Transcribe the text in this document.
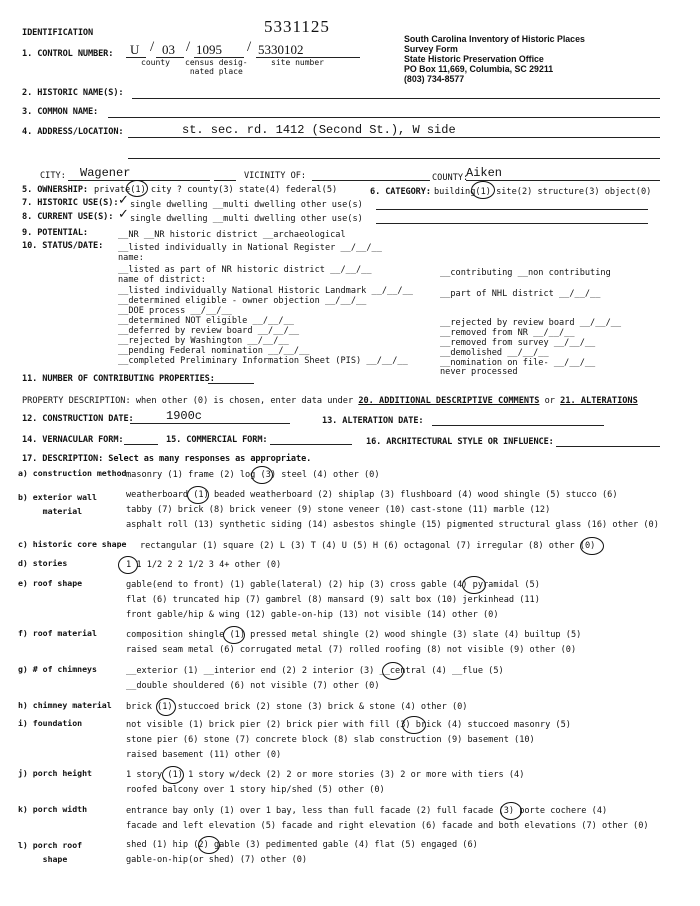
IDENTIFICATION	5331125
South Carolina Inventory of Historic Places
Survey Form
State Historic Preservation Office
PO Box 11,669, Columbia, SC 29211
(803) 734-8577
1. CONTROL NUMBER: U / 03 / 1095 / 5330102
county census desig-
nated place
site number
2. HISTORIC NAME(S):
3. COMMON NAME:
4. ADDRESS/LOCATION:	st. sec. rd. 1412 (Second St.), W side
CITY: Wagener	VICINITY OF:	COUNTY:
Aiken
5. OWNERSHIP: private(1) city ? county(3) state(4) federal(5)	6. CATEGORY: building(1) site(2) structure(3) object(0)
7. HISTORIC USE(S): ✓ single dwelling __multi dwelling other use(s)
8. CURRENT USE(S): ✓ single dwelling __multi dwelling other use(s)
9. POTENTIAL:	__NR __NR historic district __archaeological
10. STATUS/DATE: __listed individually in National Register __/__/__
name:
__listed as part of NR historic district __/__/__
name of district:
__listed individually National Historic Landmark __/__/__
__determined eligible - owner objection __/__/__
__DOE process __/__/__
__determined NOT eligible __/__/__
__deferred by review board __/__/__
__rejected by Washington __/__/__
__pending Federal nomination __/__/__
__completed Preliminary Information Sheet (PIS) __/__/__
__contributing __non contributing
__part of NHL district __/__/__
__rejected by review board __/__/__
__removed from NR __/__/__
__removed from survey __/__/__
__demolished __/__/__
__nomination on file- __/__/__
never processed
11. NUMBER OF CONTRIBUTING PROPERTIES:
PROPERTY DESCRIPTION: when other (0) is chosen, enter data under 20. ADDITIONAL DESCRIPTIVE COMMENTS or 21. ALTERATIONS
12. CONSTRUCTION DATE:	1900c	13. ALTERATION DATE:
14. VERNACULAR FORM:	15. COMMERCIAL FORM:	16. ARCHITECTURAL STYLE OR INFLUENCE:
17. DESCRIPTION: Select as many responses as appropriate.
a) construction method masonry (1) frame (2) log (3) steel (4) other (0)
b) exterior wall
material
weatherboard (1) beaded weatherboard (2) shiplap (3) flushboard (4) wood shingle (5) stucco (6)
tabby (7) brick (8) brick veneer (9) stone veneer (10) cast-stone (11) marble (12)
asphalt roll (13) synthetic siding (14) asbestos shingle (15) pigmented structural glass (16) other (0)
c) historic core shape rectangular (1) square (2) L (3) T (4) U (5) H (6) octagonal (7) irregular (8) other (0)
d) stories	1 1 1/2 2 2 1/2 3 4+ other (0)
e) roof shape	gable(end to front) (1) gable(lateral) (2) hip (3) cross gable (4) pyramidal (5)
flat (6) truncated hip (7) gambrel (8) mansard (9) salt box (10) jerkinhead (11)
front gable/hip & wing (12) gable-on-hip (13) not visible (14) other (0)
f) roof material	composition shingle (1) pressed metal shingle (2) wood shingle (3) slate (4) builtup (5)
raised seam metal (6) corrugated metal (7) rolled roofing (8) not visible (9) other (0)
g) # of chimneys	__exterior (1) __interior end (2) 2 interior (3) __central (4) __flue (5)
__double shouldered (6) not visible (7) other (0)
h) chimney material brick (1) stuccoed brick (2) stone (3) brick & stone (4) other (0)
i) foundation	not visible (1) brick pier (2) brick pier with fill (3) brick (4) stuccoed masonry (5)
stone pier (6) stone (7) concrete block (8) slab construction (9) basement (10)
raised basement (11) other (0)
j) porch height	1 story (1) 1 story w/deck (2) 2 or more stories (3) 2 or more with tiers (4)
roofed balcony over 1 story hip/shed (5) other (0)
k) porch width	entrance bay only (1) over 1 bay, less than full facade (2) full facade (3) porte cochere (4)
facade and left elevation (5) facade and right elevation (6) facade and both elevations (7) other (0)
l) porch roof
shape
shed (1) hip (2) gable (3) pedimented gable (4) flat (5) engaged (6)
gable-on-hip(or shed) (7) other (0)
